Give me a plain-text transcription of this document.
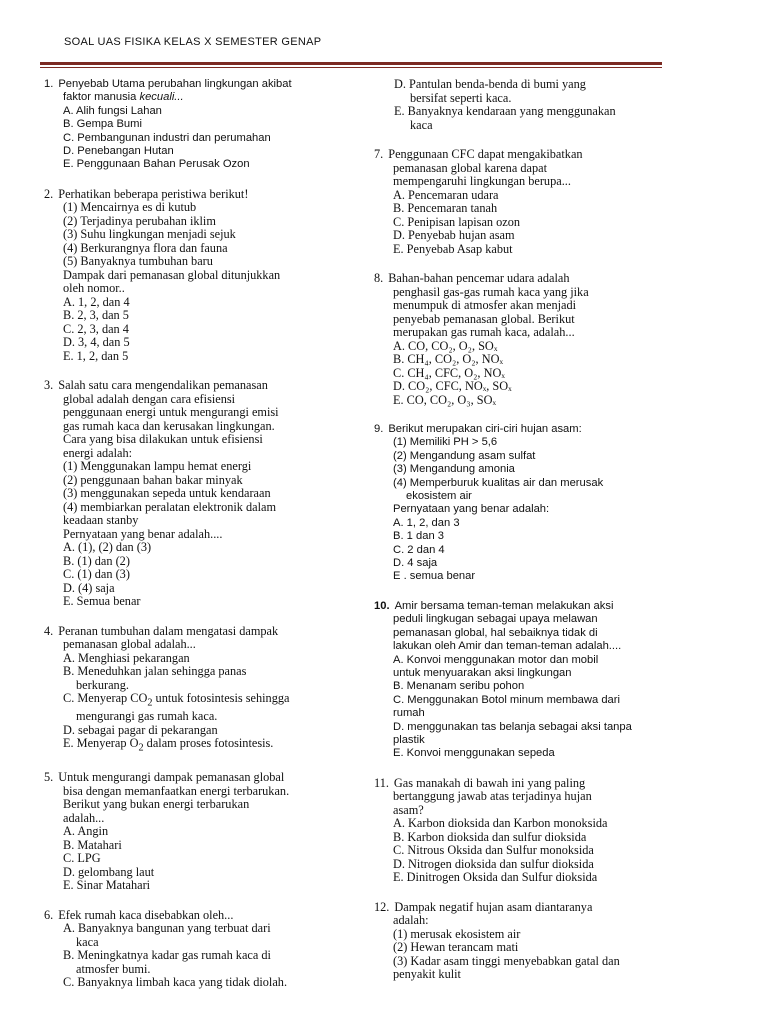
SOAL UAS FISIKA KELAS X SEMESTER GENAP
1. Penyebab Utama perubahan lingkungan akibat
faktor manusia kecuali...
A. Alih fungsi Lahan
B. Gempa Bumi
C. Pembangunan industri dan perumahan
D. Penebangan Hutan
E. Penggunaan Bahan Perusak Ozon
2. Perhatikan beberapa peristiwa berikut!
(1) Mencairnya es di kutub
(2) Terjadinya perubahan iklim
(3) Suhu lingkungan menjadi sejuk
(4) Berkurangnya flora dan fauna
(5) Banyaknya tumbuhan baru
Dampak dari pemanasan global ditunjukkan
oleh nomor..
A. 1, 2, dan 4
B. 2, 3, dan 5
C. 2, 3, dan 4
D. 3, 4, dan 5
E. 1, 2, dan 5
3. Salah satu cara mengendalikan pemanasan
global adalah dengan cara efisiensi
penggunaan energi untuk mengurangi emisi
gas rumah kaca dan kerusakan lingkungan.
Cara yang bisa dilakukan untuk efisiensi
energi adalah:
(1) Menggunakan lampu hemat energi
(2) penggunaan bahan bakar minyak
(3) menggunakan sepeda untuk kendaraan
(4) membiarkan peralatan elektronik dalam
keadaan stanby
Pernyataan yang benar adalah....
A. (1), (2) dan (3)
B. (1) dan (2)
C. (1) dan (3)
D. (4) saja
E. Semua benar
4. Peranan tumbuhan dalam mengatasi dampak
pemanasan global adalah...
A. Menghiasi pekarangan
B. Meneduhkan jalan sehingga panas
berkurang.
C. Menyerap $CO_2$ untuk fotosintesis sehingga
mengurangi gas rumah kaca.
D. sebagai pagar di pekarangan
E. Menyerap $O_2$ dalam proses fotosintesis.
5. Untuk mengurangi dampak pemanasan global
bisa dengan memanfaatkan energi terbarukan.
Berikut yang bukan energi terbarukan
adalah...
A. Angin
B. Matahari
C. LPG
D. gelombang laut
E. Sinar Matahari
6. Efek rumah kaca disebabkan oleh...
A. Banyaknya bangunan yang terbuat dari
kaca
B. Meningkatnya kadar gas rumah kaca di
atmosfer bumi.
C. Banyaknya limbah kaca yang tidak diolah.
D. Pantulan benda-benda di bumi yang
bersifat seperti kaca.
E. Banyaknya kendaraan yang menggunakan
kaca
7. Penggunaan CFC dapat mengakibatkan
pemanasan global karena dapat
mempengaruhi lingkungan berupa...
A. Pencemaran udara
B. Pencemaran tanah
C. Penipisan lapisan ozon
D. Penyebab hujan asam
E. Penyebab Asap kabut
8. Bahan-bahan pencemar udara adalah
penghasil gas-gas rumah kaca yang jika
menumpuk di atmosfer akan menjadi
penyebab pemanasan global. Berikut
merupakan gas rumah kaca, adalah...
A. CO, CO₂, O₂, SOₓ
B. CH₄, CO₂, O₂, NOₓ
C. CH₄, CFC, O₂, NOₓ
D. CO₂, CFC, NOₓ, SOₓ
E. CO, CO₂, O₃, SOₓ
9. Berikut merupakan ciri-ciri hujan asam:
(1) Memiliki PH > 5,6
(2) Mengandung asam sulfat
(3) Mengandung amonia
(4) Memperburuk kualitas air dan merusak
ekosistem air
Pernyataan yang benar adalah:
A. 1, 2, dan 3
B. 1 dan 3
C. 2 dan 4
D. 4 saja
E . semua benar
10. Amir bersama teman-teman melakukan aksi
peduli lingkugan sebagai upaya melawan
pemanasan global, hal sebaiknya tidak di
lakukan oleh Amir dan teman-teman adalah....
A. Konvoi menggunakan motor dan mobil
untuk menyuarakan aksi lingkungan
B. Menanam seribu pohon
C. Menggunakan Botol minum membawa dari
rumah
D. menggunakan tas belanja sebagai aksi tanpa
plastik
E. Konvoi menggunakan sepeda
11. Gas manakah di bawah ini yang paling
bertanggung jawab atas terjadinya hujan
asam?
A. Karbon dioksida dan Karbon monoksida
B. Karbon dioksida dan sulfur dioksida
C. Nitrous Oksida dan Sulfur monoksida
D. Nitrogen dioksida dan sulfur dioksida
E. Dinitrogen Oksida dan Sulfur dioksida
12. Dampak negatif hujan asam diantaranya
adalah:
(1) merusak ekosistem air
(2) Hewan terancam mati
(3) Kadar asam tinggi menyebabkan gatal dan
penyakit kulit
